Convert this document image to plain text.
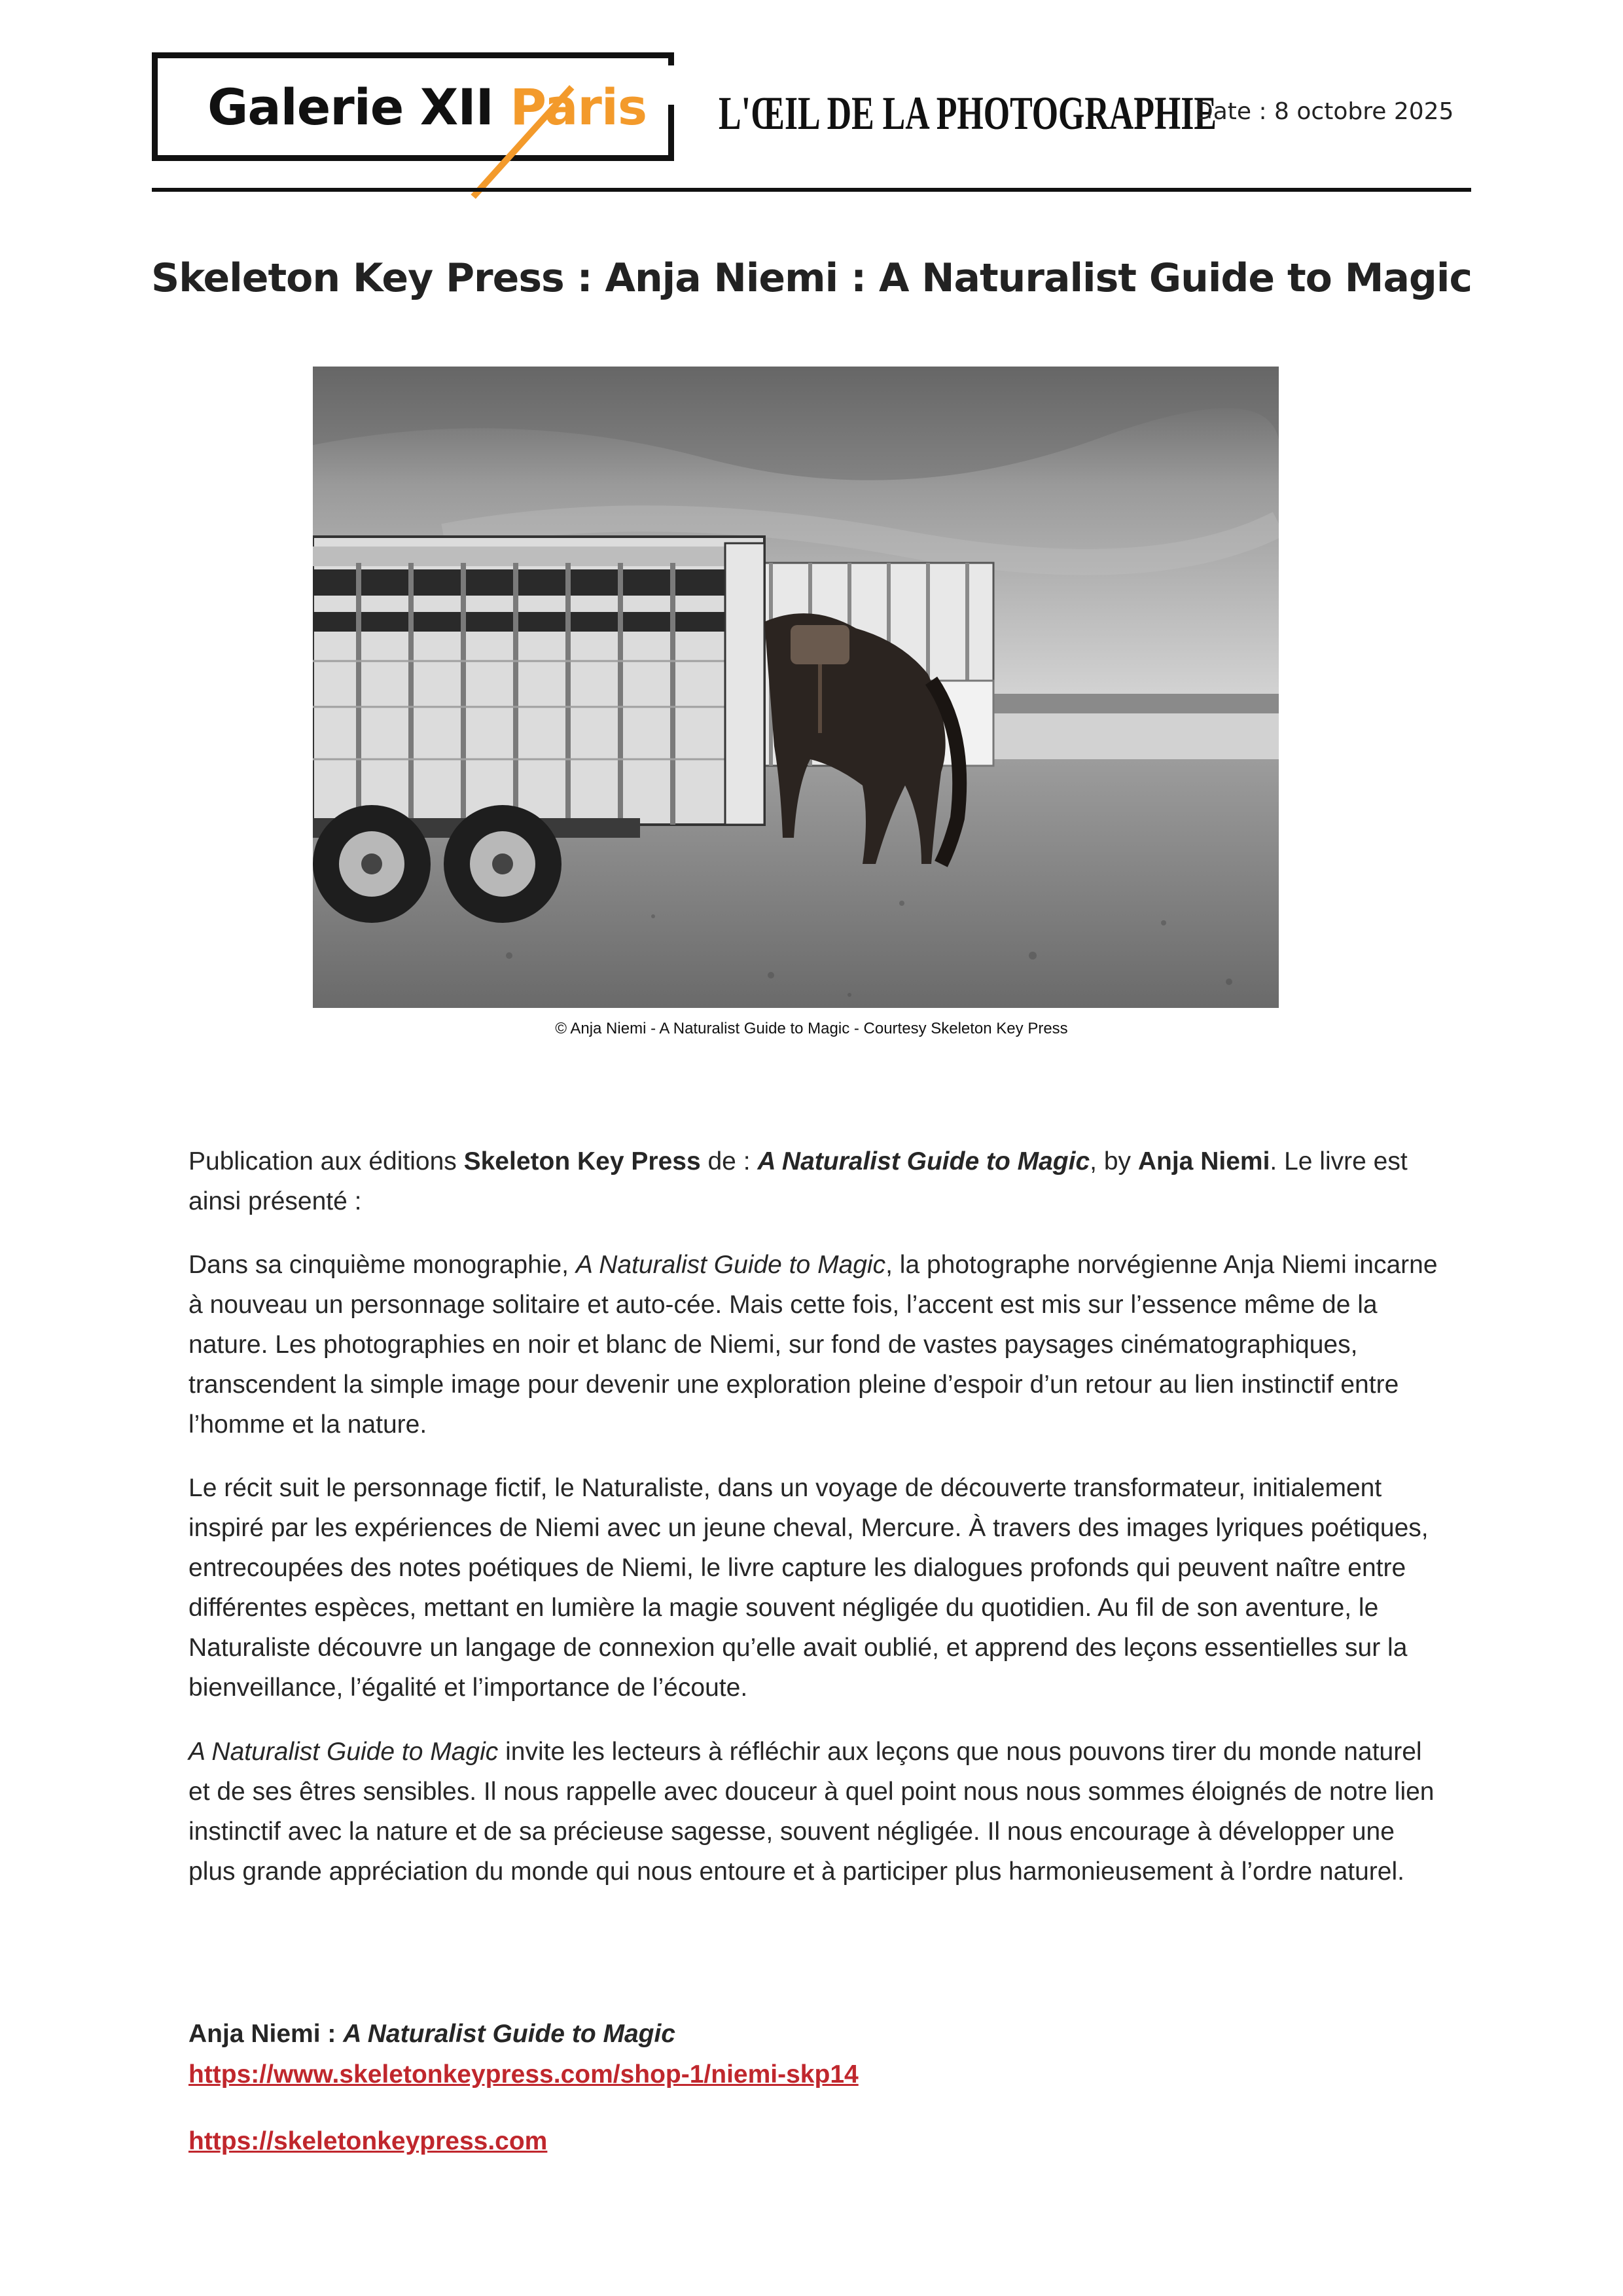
Galerie XII Paris L'ŒIL DE LA PHOTOGRAPHIE
Date : 8 octobre 2025
Skeleton Key Press : Anja Niemi : A Naturalist Guide to Magic
© Anja Niemi - A Naturalist Guide to Magic - Courtesy Skeleton Key Press

Publication aux éditions Skeleton Key Press de : A Naturalist Guide to Magic, by Anja Niemi. Le livre est ainsi présenté :

Dans sa cinquième monographie, A Naturalist Guide to Magic, la photographe norvégienne Anja Niemi incarne à nouveau un personnage solitaire et auto-cée. Mais cette fois, l’accent est mis sur l’essence même de la nature. Les photographies en noir et blanc de Niemi, sur fond de vastes paysages cinématographiques, transcendent la simple image pour devenir une exploration pleine d’espoir d’un retour au lien instinctif entre l’homme et la nature.

Le récit suit le personnage fictif, le Naturaliste, dans un voyage de découverte transformateur, initialement inspiré par les expériences de Niemi avec un jeune cheval, Mercure. À travers des images lyriques poétiques, entrecoupées des notes poétiques de Niemi, le livre capture les dialogues profonds qui peuvent naître entre différentes espèces, mettant en lumière la magie souvent négligée du quotidien. Au fil de son aventure, le Naturaliste découvre un langage de connexion qu’elle avait oublié, et apprend des leçons essentielles sur la bienveillance, l’égalité et l’importance de l’écoute.

A Naturalist Guide to Magic invite les lecteurs à réfléchir aux leçons que nous pouvons tirer du monde naturel et de ses êtres sensibles. Il nous rappelle avec douceur à quel point nous nous sommes éloignés de notre lien instinctif avec la nature et de sa précieuse sagesse, souvent négligée. Il nous encourage à développer une plus grande appréciation du monde qui nous entoure et à participer plus harmonieusement à l’ordre naturel.

Anja Niemi : A Naturalist Guide to Magic
https://www.skeletonkeypress.com/shop-1/niemi-skp14
https://skeletonkeypress.com
